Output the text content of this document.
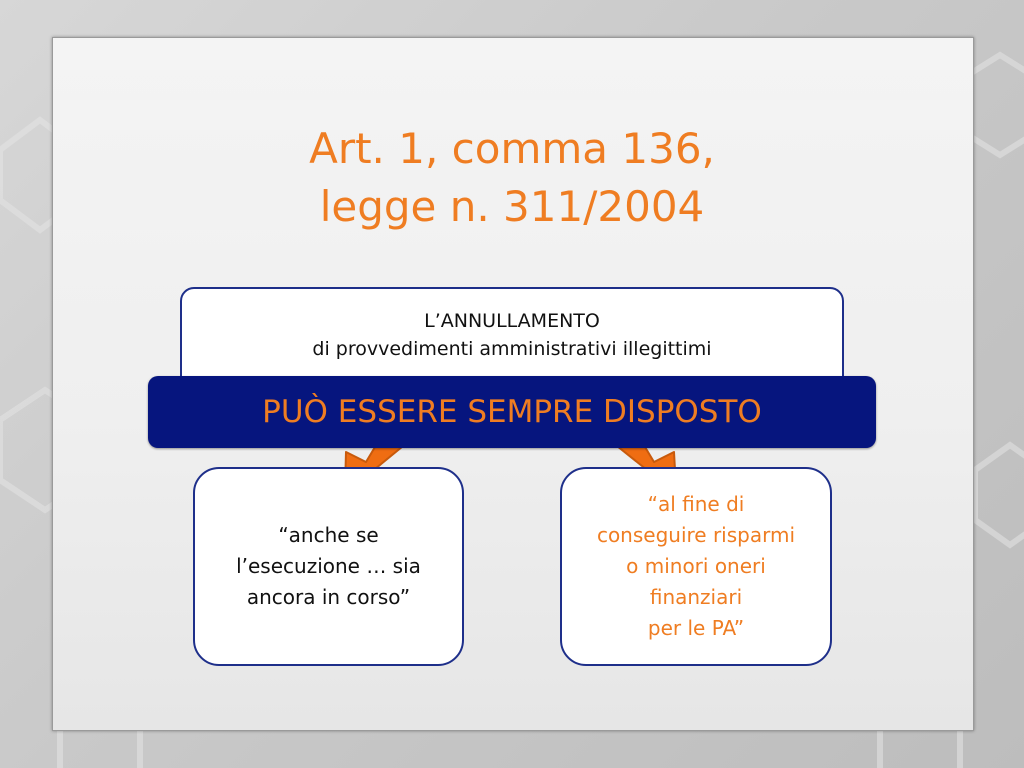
Art. 1, comma 136,
legge n. 311/2004
L’ANNULLAMENTO
di provvedimenti amministrativi illegittimi
PUÒ ESSERE SEMPRE DISPOSTO
“anche se
l’esecuzione … sia
ancora in corso”
“al fine di
conseguire risparmi
o minori oneri
finanziari
per le PA”
